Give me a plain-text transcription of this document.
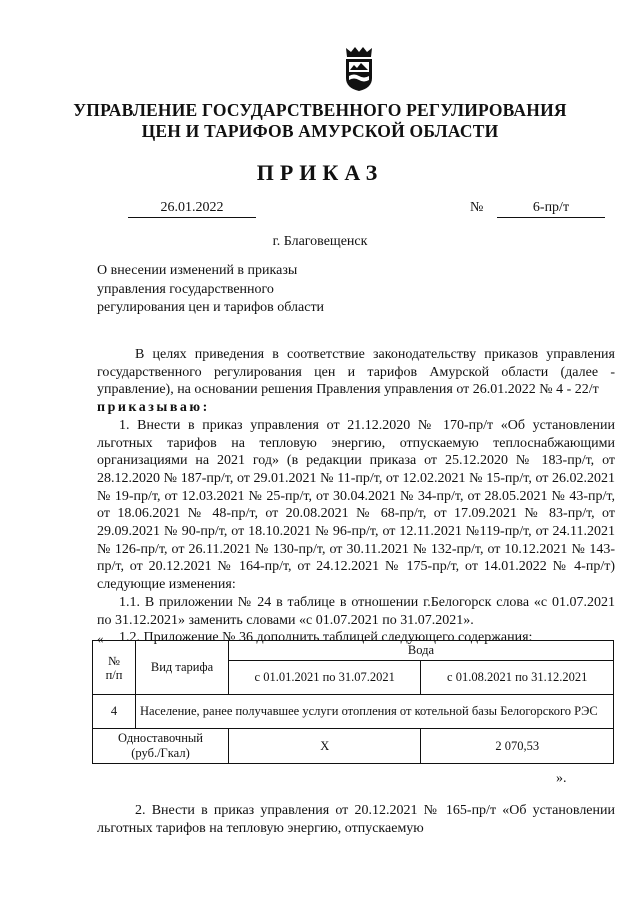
УПРАВЛЕНИЕ ГОСУДАРСТВЕННОГО РЕГУЛИРОВАНИЯ
ЦЕН И ТАРИФОВ АМУРСКОЙ ОБЛАСТИ
ПРИКАЗ
26.01.2022	№	6-пр/т
г. Благовещенск
О внесении изменений в приказы
управления государственного
регулирования цен и тарифов области

В целях приведения в соответствие законодательству приказов управления государственного регулирования цен и тарифов Амурской области (далее - управление), на основании решения Правления управления от 26.01.2022 № 4 - 22/т

приказываю:

1. Внести в приказ управления от 21.12.2020 № 170-пр/т «Об установлении льготных тарифов на тепловую энергию, отпускаемую теплоснабжающими организациями на 2021 год» (в редакции приказа от 25.12.2020 № 183-пр/т, от 28.12.2020 № 187-пр/т, от 29.01.2021 № 11-пр/т, от 12.02.2021 № 15-пр/т, от 26.02.2021 № 19-пр/т, от 12.03.2021 № 25-пр/т, от 30.04.2021 № 34-пр/т, от 28.05.2021 № 43-пр/т, от 18.06.2021 № 48-пр/т, от 20.08.2021 № 68-пр/т, от 17.09.2021 № 83-пр/т, от 29.09.2021 № 90-пр/т, от 18.10.2021 № 96-пр/т, от 12.11.2021 №119-пр/т, от 24.11.2021 № 126-пр/т, от 26.11.2021 № 130-пр/т, от 30.11.2021 № 132-пр/т, от 10.12.2021 № 143-пр/т, от 20.12.2021 № 164-пр/т, от 24.12.2021 № 175-пр/т, от 14.01.2022 № 4-пр/т) следующие изменения:

1.1. В приложении № 24 в таблице в отношении г.Белогорск слова «с 01.07.2021 по 31.12.2021» заменить словами «с 01.07.2021 по 31.07.2021».

1.2. Приложение № 36 дополнить таблицей следующего содержания:

«
№
п/п	Вид тарифа	Вода	
		с 01.01.2021 по 31.07.2021	с 01.08.2021 по 31.12.2021
4	Население, ранее получавшее услуги отопления от котельной базы Белогорского РЭС		
Одноставочный
(руб./Гкал)		Х	2 070,53
».

2. Внести в приказ управления от 20.12.2021 № 165-пр/т «Об установлении льготных тарифов на тепловую энергию, отпускаемую
